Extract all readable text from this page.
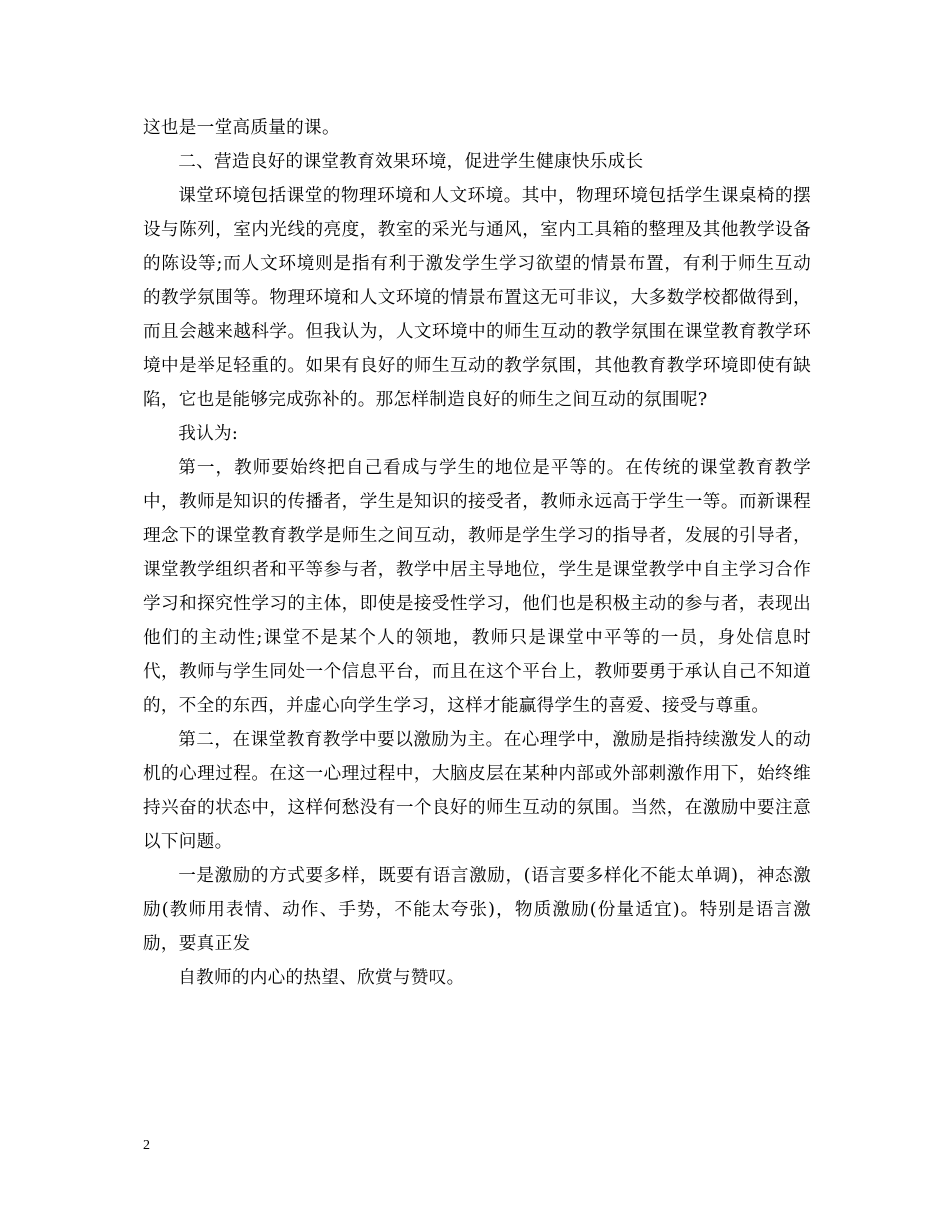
这也是一堂高质量的课。

二、营造良好的课堂教育效果环境，促进学生健康快乐成长

课堂环境包括课堂的物理环境和人文环境。其中，物理环境包括学生课桌椅的摆设与陈列，室内光线的亮度，教室的采光与通风，室内工具箱的整理及其他教学设备的陈设等;而人文环境则是指有利于激发学生学习欲望的情景布置，有利于师生互动的教学氛围等。物理环境和人文环境的情景布置这无可非议，大多数学校都做得到，而且会越来越科学。但我认为，人文环境中的师生互动的教学氛围在课堂教育教学环境中是举足轻重的。如果有良好的师生互动的教学氛围，其他教育教学环境即使有缺陷，它也是能够完成弥补的。那怎样制造良好的师生之间互动的氛围呢?

我认为:

第一，教师要始终把自己看成与学生的地位是平等的。在传统的课堂教育教学中，教师是知识的传播者，学生是知识的接受者，教师永远高于学生一等。而新课程理念下的课堂教育教学是师生之间互动，教师是学生学习的指导者，发展的引导者，课堂教学组织者和平等参与者，教学中居主导地位，学生是课堂教学中自主学习合作学习和探究性学习的主体，即使是接受性学习，他们也是积极主动的参与者，表现出他们的主动性;课堂不是某个人的领地，教师只是课堂中平等的一员，身处信息时代，教师与学生同处一个信息平台，而且在这个平台上，教师要勇于承认自己不知道的，不全的东西，并虚心向学生学习，这样才能赢得学生的喜爱、接受与尊重。

第二，在课堂教育教学中要以激励为主。在心理学中，激励是指持续激发人的动机的心理过程。在这一心理过程中，大脑皮层在某种内部或外部刺激作用下，始终维持兴奋的状态中，这样何愁没有一个良好的师生互动的氛围。当然，在激励中要注意以下问题。

一是激励的方式要多样，既要有语言激励，(语言要多样化不能太单调)，神态激励(教师用表情、动作、手势，不能太夸张)，物质激励(份量适宜)。特别是语言激励，要真正发

自教师的内心的热望、欣赏与赞叹。

2
